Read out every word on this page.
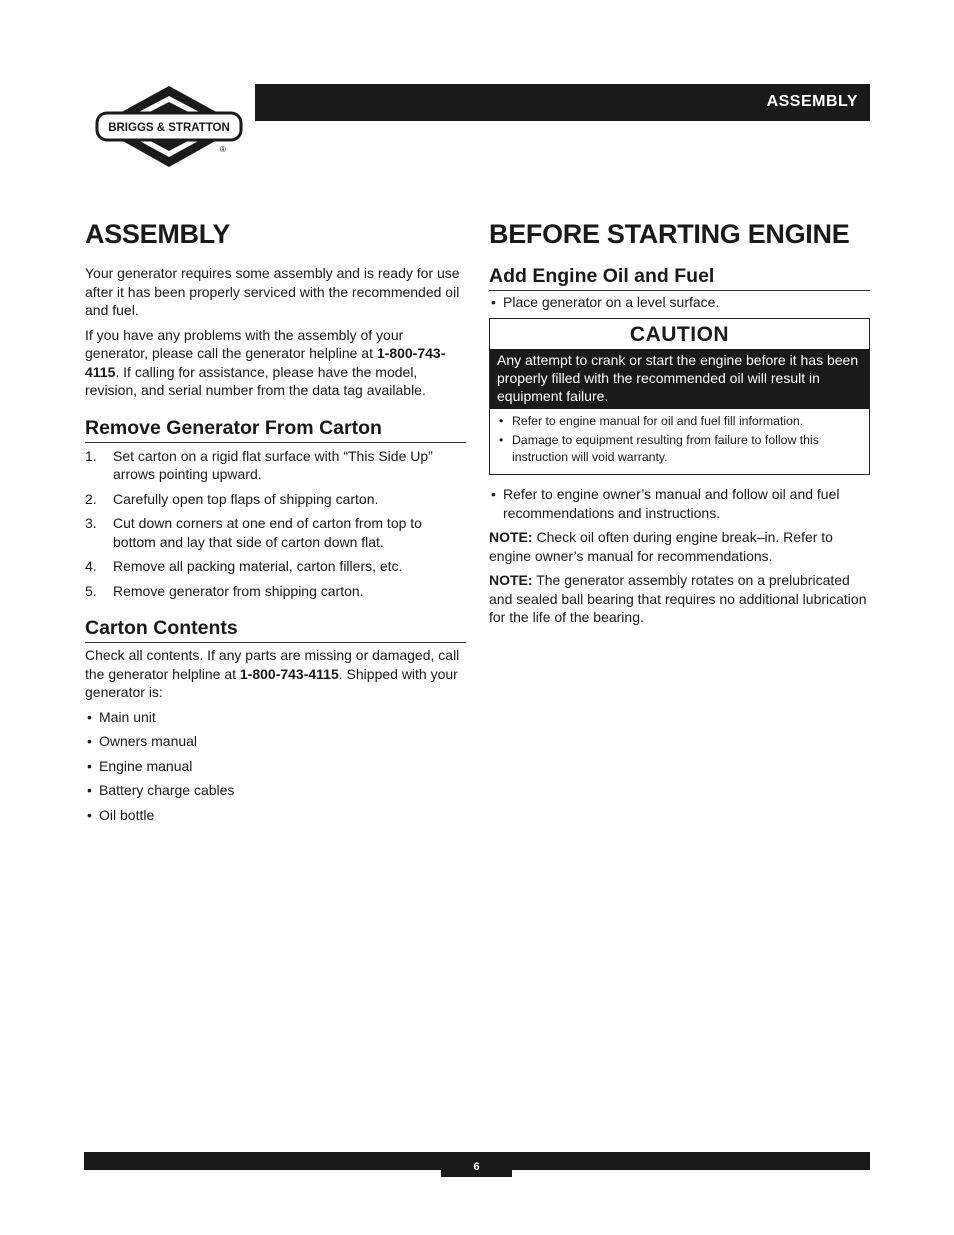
BRIGGS & STRATTON
®
ASSEMBLY
ASSEMBLY

Your generator requires some assembly and is ready for use after it has been properly serviced with the recommended oil and fuel.

If you have any problems with the assembly of your generator, please call the generator helpline at 1-800-743-4115. If calling for assistance, please have the model, revision, and serial number from the data tag available.

Remove Generator From Carton
1. Set carton on a rigid flat surface with “This Side Up” arrows pointing upward.
2. Carefully open top flaps of shipping carton.
3. Cut down corners at one end of carton from top to bottom and lay that side of carton down flat.
4. Remove all packing material, carton fillers, etc.
5. Remove generator from shipping carton.
Carton Contents

Check all contents. If any parts are missing or damaged, call the generator helpline at 1-800-743-4115. Shipped with your generator is:

• Main unit
• Owners manual
• Engine manual
• Battery charge cables
• Oil bottle
BEFORE STARTING ENGINE
Add Engine Oil and Fuel
• Place generator on a level surface.
CAUTION
Any attempt to crank or start the engine before it has been properly filled with the recommended oil will result in equipment failure.
• Refer to engine manual for oil and fuel fill information.
• Damage to equipment resulting from failure to follow this instruction will void warranty.
• Refer to engine owner’s manual and follow oil and fuel recommendations and instructions.

NOTE: Check oil often during engine break–in. Refer to engine owner’s manual for recommendations.

NOTE: The generator assembly rotates on a prelubricated and sealed ball bearing that requires no additional lubrication for the life of the bearing.

6
